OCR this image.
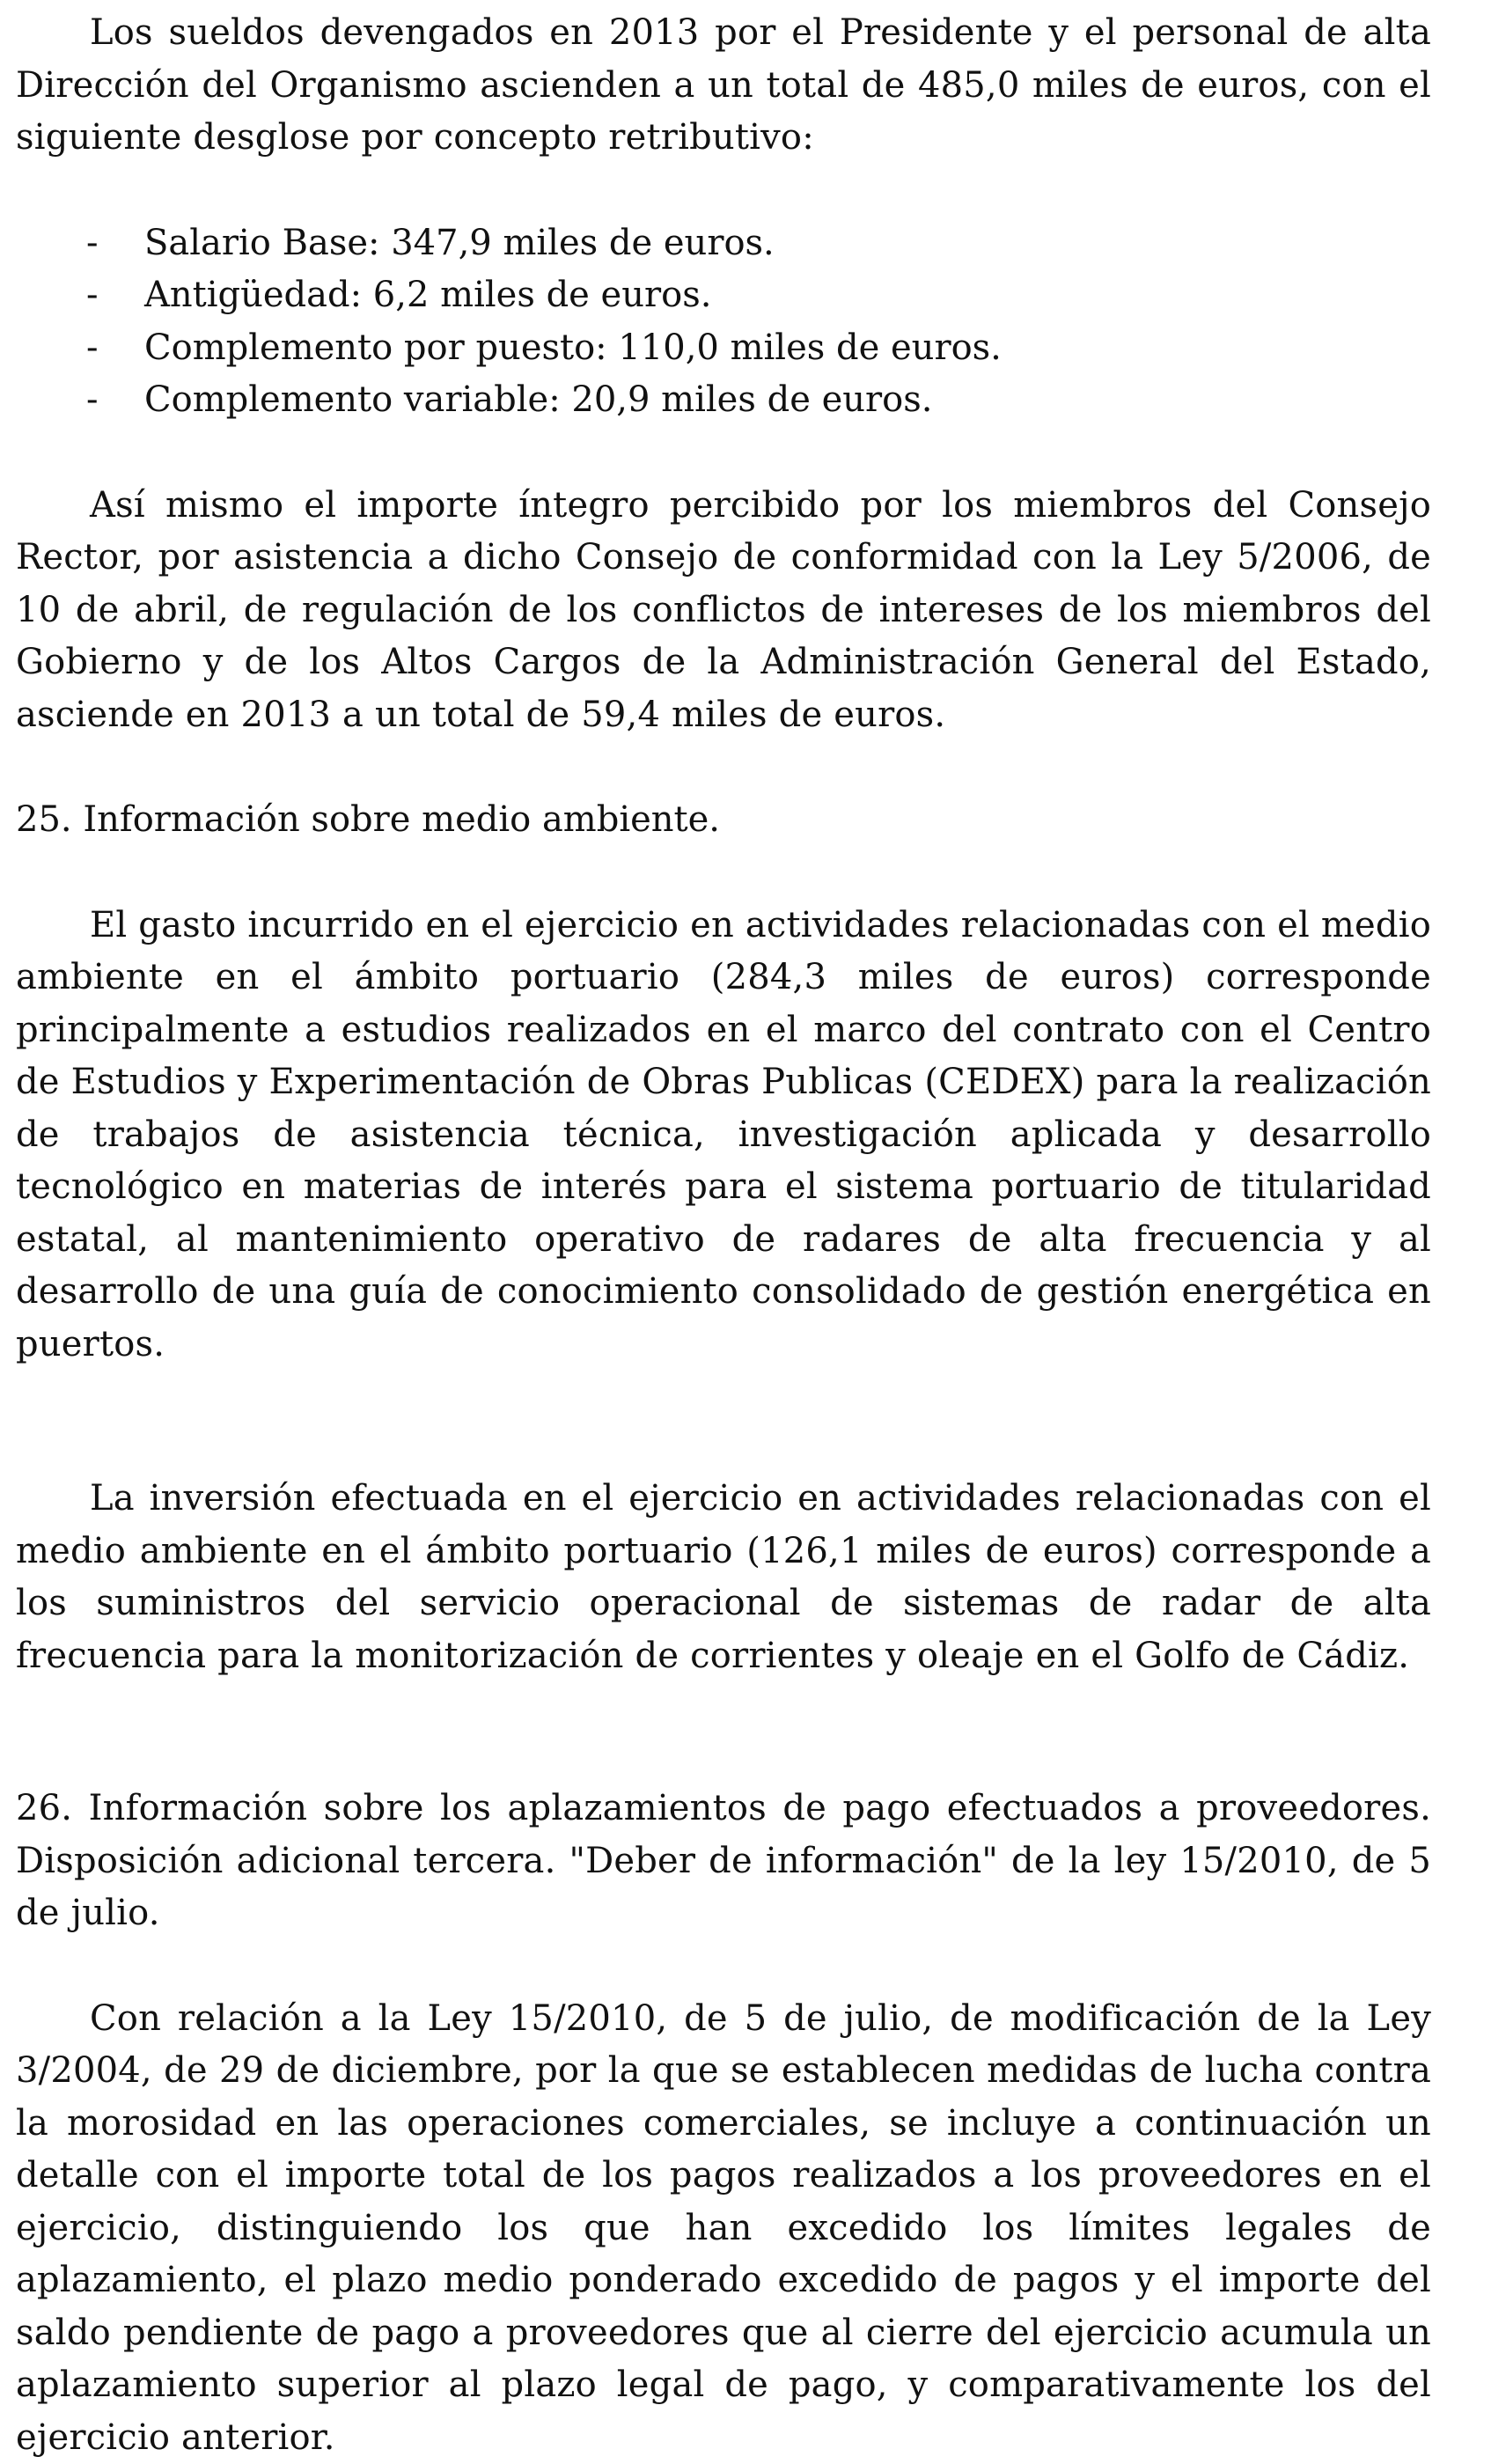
Los sueldos devengados en 2013 por el Presidente y el personal de alta Dirección del Organismo ascienden a un total de 485,0 miles de euros, con el siguiente desglose por concepto retributivo:

- Salario Base: 347,9 miles de euros.
- Antigüedad: 6,2 miles de euros.
- Complemento por puesto: 110,0 miles de euros.
- Complemento variable: 20,9 miles de euros.

Así mismo el importe íntegro percibido por los miembros del Consejo Rector, por asistencia a dicho Consejo de conformidad con la Ley 5/2006, de 10 de abril, de regulación de los conflictos de intereses de los miembros del Gobierno y de los Altos Cargos de la Administración General del Estado, asciende en 2013 a un total de 59,4 miles de euros.

25. Información sobre medio ambiente.

El gasto incurrido en el ejercicio en actividades relacionadas con el medio ambiente en el ámbito portuario (284,3 miles de euros) corresponde principalmente a estudios realizados en el marco del contrato con el Centro de Estudios y Experimentación de Obras Publicas (CEDEX) para la realización de trabajos de asistencia técnica, investigación aplicada y desarrollo tecnológico en materias de interés para el sistema portuario de titularidad estatal, al mantenimiento operativo de radares de alta frecuencia y al desarrollo de una guía de conocimiento consolidado de gestión energética en puertos.

La inversión efectuada en el ejercicio en actividades relacionadas con el medio ambiente en el ámbito portuario (126,1 miles de euros) corresponde a los suministros del servicio operacional de sistemas de radar de alta frecuencia para la monitorización de corrientes y oleaje en el Golfo de Cádiz.

26. Información sobre los aplazamientos de pago efectuados a proveedores. Disposición adicional tercera. "Deber de información" de la ley 15/2010, de 5 de julio.

Con relación a la Ley 15/2010, de 5 de julio, de modificación de la Ley 3/2004, de 29 de diciembre, por la que se establecen medidas de lucha contra la morosidad en las operaciones comerciales, se incluye a continuación un detalle con el importe total de los pagos realizados a los proveedores en el ejercicio, distinguiendo los que han excedido los límites legales de aplazamiento, el plazo medio ponderado excedido de pagos y el importe del saldo pendiente de pago a proveedores que al cierre del ejercicio acumula un aplazamiento superior al plazo legal de pago, y comparativamente los del ejercicio anterior.
